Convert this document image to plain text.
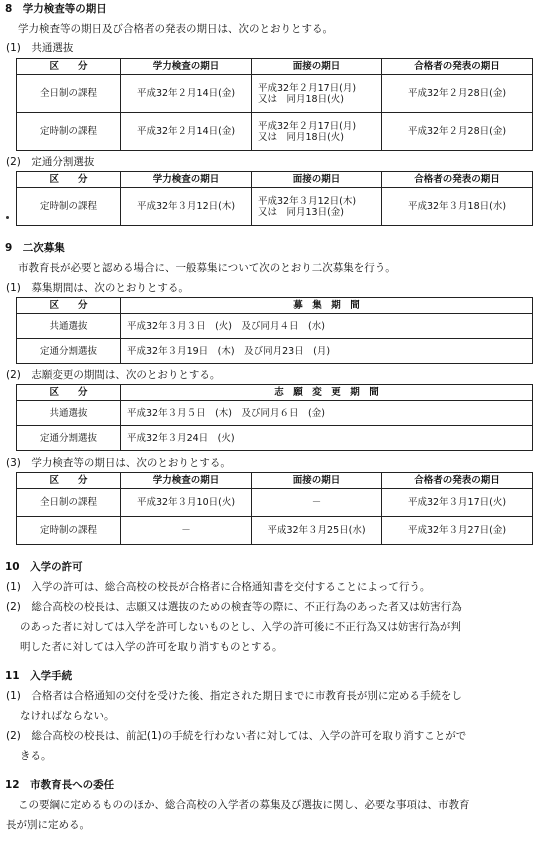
8　学力検査等の期日
学力検査等の期日及び合格者の発表の期日は、次のとおりとする。
(1)　共通選抜
区　　分	学力検査の期日	面接の期日	合格者の発表の期日
全日制の課程	平成32年２月14日(金)	平成32年２月17日(月)
又は　同月18日(火)	平成32年２月28日(金)
定時制の課程	平成32年２月14日(金)	平成32年２月17日(月)
又は　同月18日(火)	平成32年２月28日(金)
(2)　定通分割選抜
区　　分	学力検査の期日	面接の期日	合格者の発表の期日
定時制の課程	平成32年３月12日(木)	平成32年３月12日(木)
又は　同月13日(金)	平成32年３月18日(水)
9　二次募集
市教育長が必要と認める場合に、一般募集について次のとおり二次募集を行う。
(1)　募集期間は、次のとおりとする。
区　　分	募　集　期　間
共通選抜	平成32年３月３日　(火)　及び同月４日　(水)
定通分割選抜	平成32年３月19日　(木)　及び同月23日　(月)
(2)　志願変更の期間は、次のとおりとする。
区　　分	志　願　変　更　期　間
共通選抜	平成32年３月５日　(木)　及び同月６日　(金)
定通分割選抜	平成32年３月24日　(火)
(3)　学力検査等の期日は、次のとおりとする。
区　　分	学力検査の期日	面接の期日	合格者の発表の期日
全日制の課程	平成32年３月10日(火)	－	平成32年３月17日(火)
定時制の課程	－	平成32年３月25日(水)	平成32年３月27日(金)
10　入学の許可
(1)　入学の許可は、総合高校の校長が合格者に合格通知書を交付することによって行う。
(2)　総合高校の校長は、志願又は選抜のための検査等の際に、不正行為のあった者又は妨害行為
のあった者に対しては入学を許可しないものとし、入学の許可後に不正行為又は妨害行為が判
明した者に対しては入学の許可を取り消すものとする。
11　入学手続
(1)　合格者は合格通知の交付を受けた後、指定された期日までに市教育長が別に定める手続をし
なければならない。
(2)　総合高校の校長は、前記(1)の手続を行わない者に対しては、入学の許可を取り消すことがで
きる。
12　市教育長への委任
この要綱に定めるもののほか、総合高校の入学者の募集及び選抜に関し、必要な事項は、市教育
長が別に定める。
